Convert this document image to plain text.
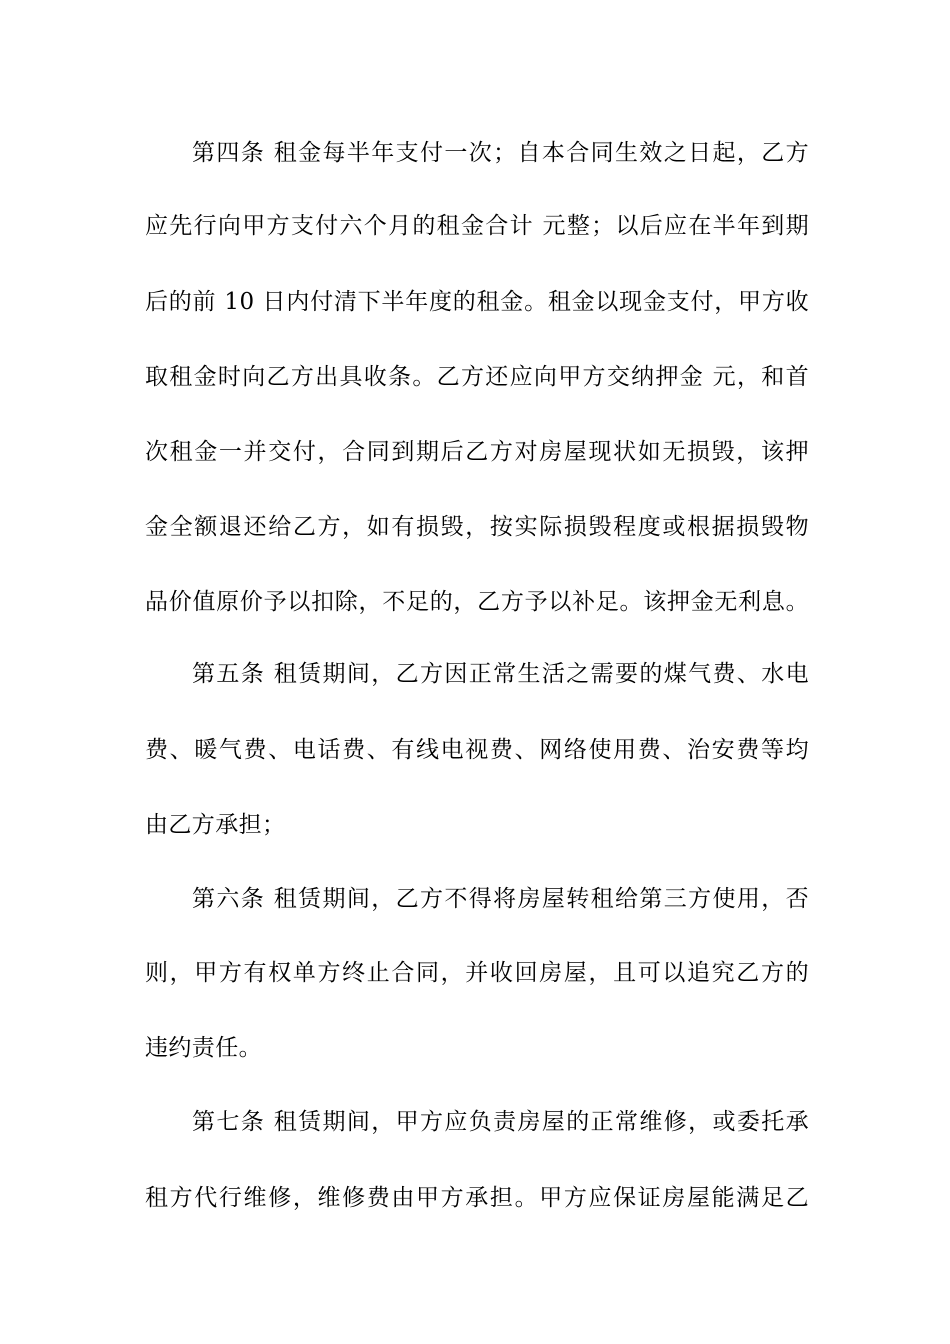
第四条 租金每半年支付一次；自本合同生效之日起，乙方
应先行向甲方支付六个月的租金合计 元整；以后应在半年到期
后的前 10 日内付清下半年度的租金。租金以现金支付，甲方收
取租金时向乙方出具收条。乙方还应向甲方交纳押金 元，和首
次租金一并交付，合同到期后乙方对房屋现状如无损毁，该押
金全额退还给乙方，如有损毁，按实际损毁程度或根据损毁物
品价值原价予以扣除，不足的，乙方予以补足。该押金无利息。
第五条 租赁期间，乙方因正常生活之需要的煤气费、水电
费、暖气费、电话费、有线电视费、网络使用费、治安费等均
由乙方承担；
第六条 租赁期间，乙方不得将房屋转租给第三方使用，否
则，甲方有权单方终止合同，并收回房屋，且可以追究乙方的
违约责任。
第七条 租赁期间，甲方应负责房屋的正常维修，或委托承
租方代行维修，维修费由甲方承担。甲方应保证房屋能满足乙
